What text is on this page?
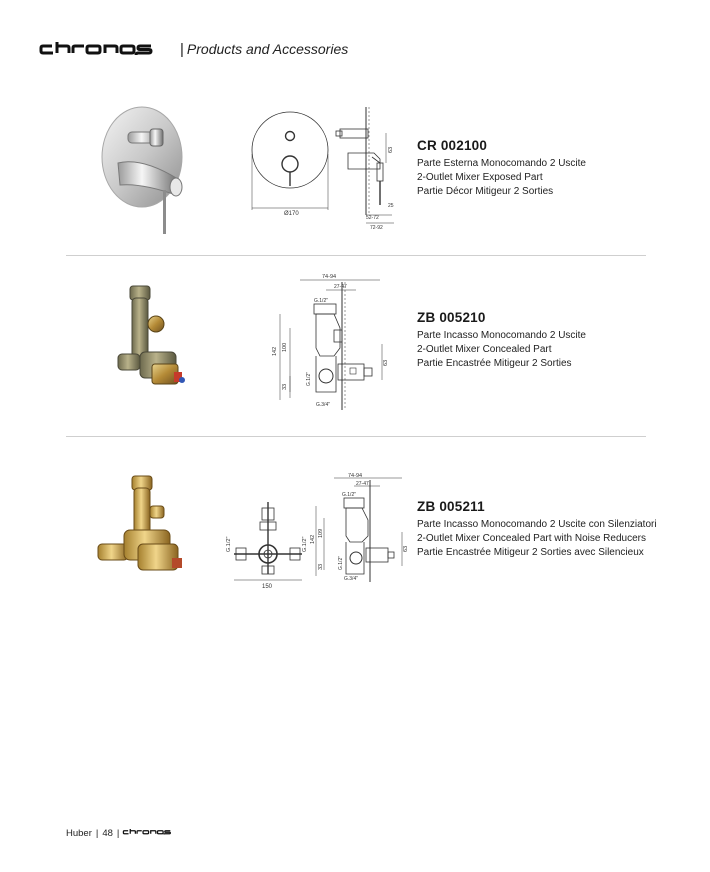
| Products and Accessories
Ø170
63
25
52-72
72-92
CR 002100
Parte Esterna Monocomando 2 Uscite
2-Outlet Mixer Exposed Part
Partie Décor Mitigeur 2 Sorties
74-94
27-47
G.1/2"
G.1/2"
G.3/4"
142 100
33
63
ZB 005210
Parte Incasso Monocomando 2 Uscite
2-Outlet Mixer Concealed Part
Partie Encastrée Mitigeur 2 Sorties
G.1/2"	G.1/2"
150
74-94
27-47
G.1/2"
G.1/2"
G.3/4"
142
109
33
63
ZB 005211
Parte Incasso Monocomando 2 Uscite con Silenziatori
2-Outlet Mixer Concealed Part with Noise Reducers
Partie Encastrée Mitigeur 2 Sorties avec Silencieux
Huber | 48 |
